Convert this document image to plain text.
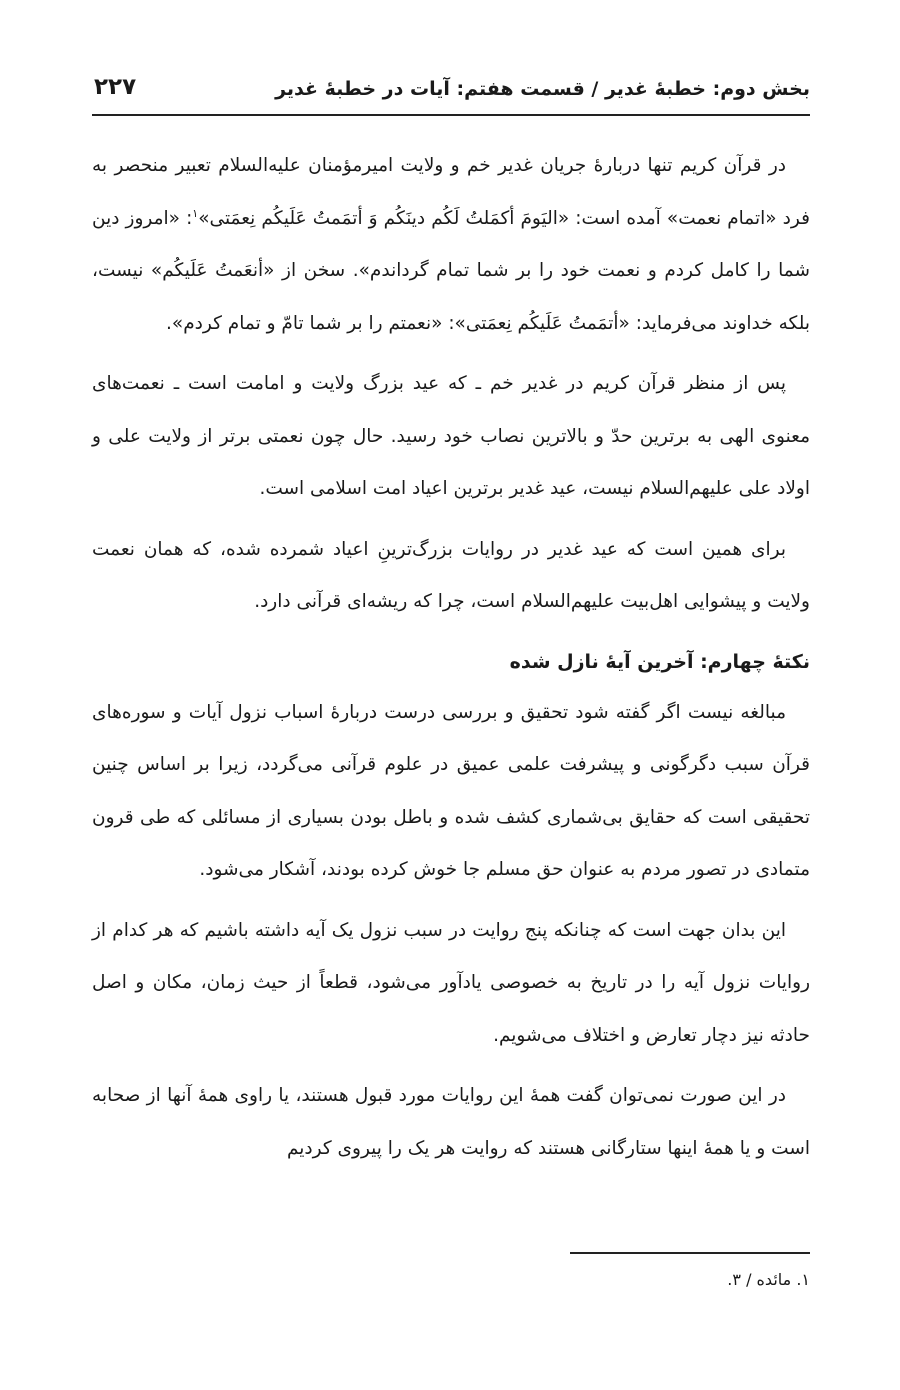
بخش دوم: خطبۀ غدیر / قسمت هفتم: آیات در خطبۀ غدیر
۲۲۷

در قرآن کریم تنها دربارۀ جریان غدیر خم و ولایت امیرمؤمنان علیه‌السلام تعبیر منحصر به فرد «اتمام نعمت» آمده است: «الیَومَ أکمَلتُ لَکُم دینَکُم وَ أتمَمتُ عَلَیکُم نِعمَتی»$^۱$: «امروز دین شما را کامل کردم و نعمت خود را بر شما تمام گرداندم». سخن از «أنعَمتُ عَلَیکُم» نیست، بلکه خداوند می‌فرماید: «أتمَمتُ عَلَیکُم نِعمَتی»: «نعمتم را بر شما تامّ و تمام کردم».

پس از منظر قرآن کریم در غدیر خم ـ که عید بزرگ ولایت و امامت است ـ نعمت‌های معنوی الهی به برترین حدّ و بالاترین نصاب خود رسید. حال چون نعمتی برتر از ولایت علی و اولاد علی علیهم‌السلام نیست، عید غدیر برترین اعیاد امت اسلامی است.

برای همین است که عید غدیر در روایات بزرگ‌ترینِ اعیاد شمرده شده، که همان نعمت ولایت و پیشوایی اهل‌بیت علیهم‌السلام است، چرا که ریشه‌ای قرآنی دارد.

نکتۀ چهارم: آخرین آیۀ نازل شده

مبالغه نیست اگر گفته شود تحقیق و بررسی درست دربارۀ اسباب نزول آیات و سوره‌های قرآن سبب دگرگونی و پیشرفت علمی عمیق در علوم قرآنی می‌گردد، زیرا بر اساس چنین تحقیقی است که حقایق بی‌شماری کشف شده و باطل بودن بسیاری از مسائلی که طی قرون متمادی در تصور مردم به عنوان حق مسلم جا خوش کرده بودند، آشکار می‌شود.

این بدان جهت است که چنانکه پنج روایت در سبب نزول یک آیه داشته باشیم که هر کدام از روایات نزول آیه را در تاریخ به خصوصی یادآور می‌شود، قطعاً از حیث زمان، مکان و اصل حادثه نیز دچار تعارض و اختلاف می‌شویم.

در این صورت نمی‌توان گفت همۀ این روایات مورد قبول هستند، یا راوی همۀ آنها از صحابه است و یا همۀ اینها ستارگانی هستند که روایت هر یک را پیروی کردیم

۱. مائده / ۳.
